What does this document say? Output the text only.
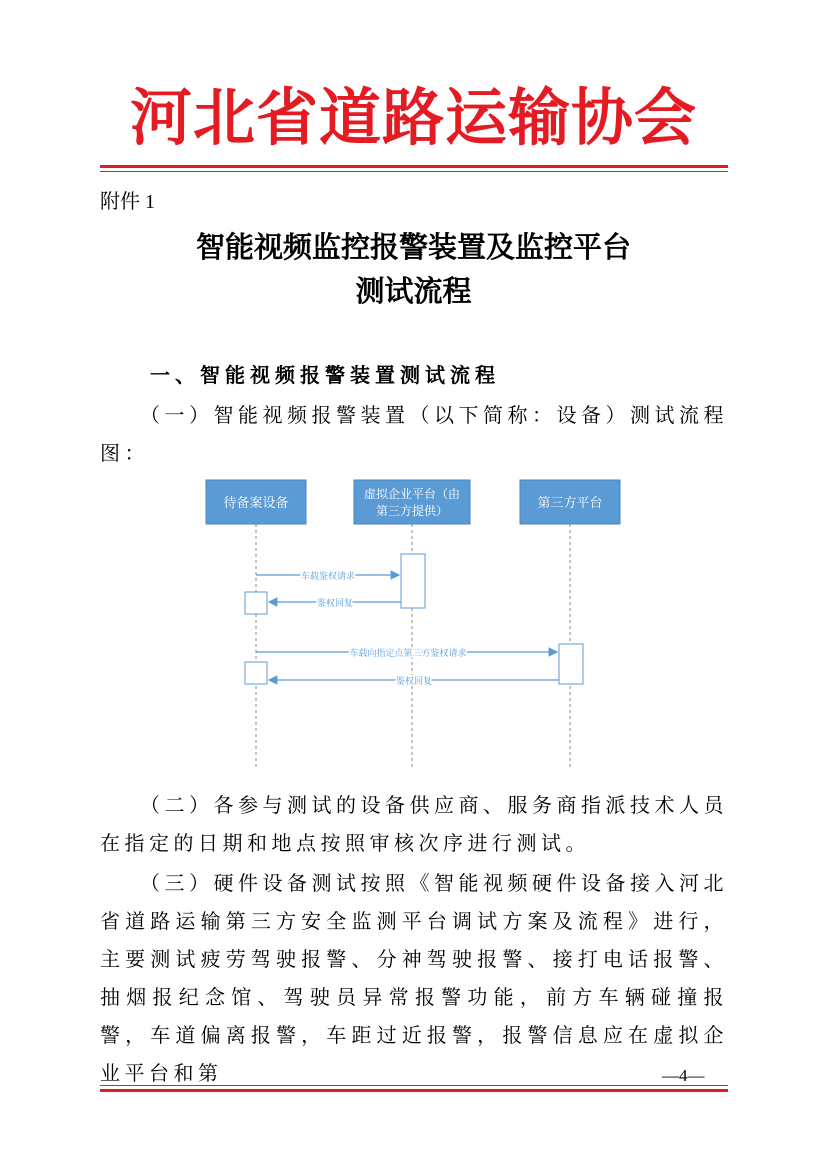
河北省道路运输协会
附件 1
智能视频监控报警装置及监控平台
测试流程
一、智能视频报警装置测试流程

（一）智能视频报警装置（以下简称：设备）测试流程图：

待备案设备
虚拟企业平台（由
第三方提供）	第三方平台
车载鉴权请求
鉴权回复
车载向指定点第三方鉴权请求
鉴权回复

（二）各参与测试的设备供应商、服务商指派技术人员在指定的日期和地点按照审核次序进行测试。

（三）硬件设备测试按照《智能视频硬件设备接入河北省道路运输第三方安全监测平台调试方案及流程》进行，主要测试疲劳驾驶报警、分神驾驶报警、接打电话报警、抽烟报纪念馆、驾驶员异常报警功能，前方车辆碰撞报警，车道偏离报警，车距过近报警，报警信息应在虚拟企业平台和第	—4—
